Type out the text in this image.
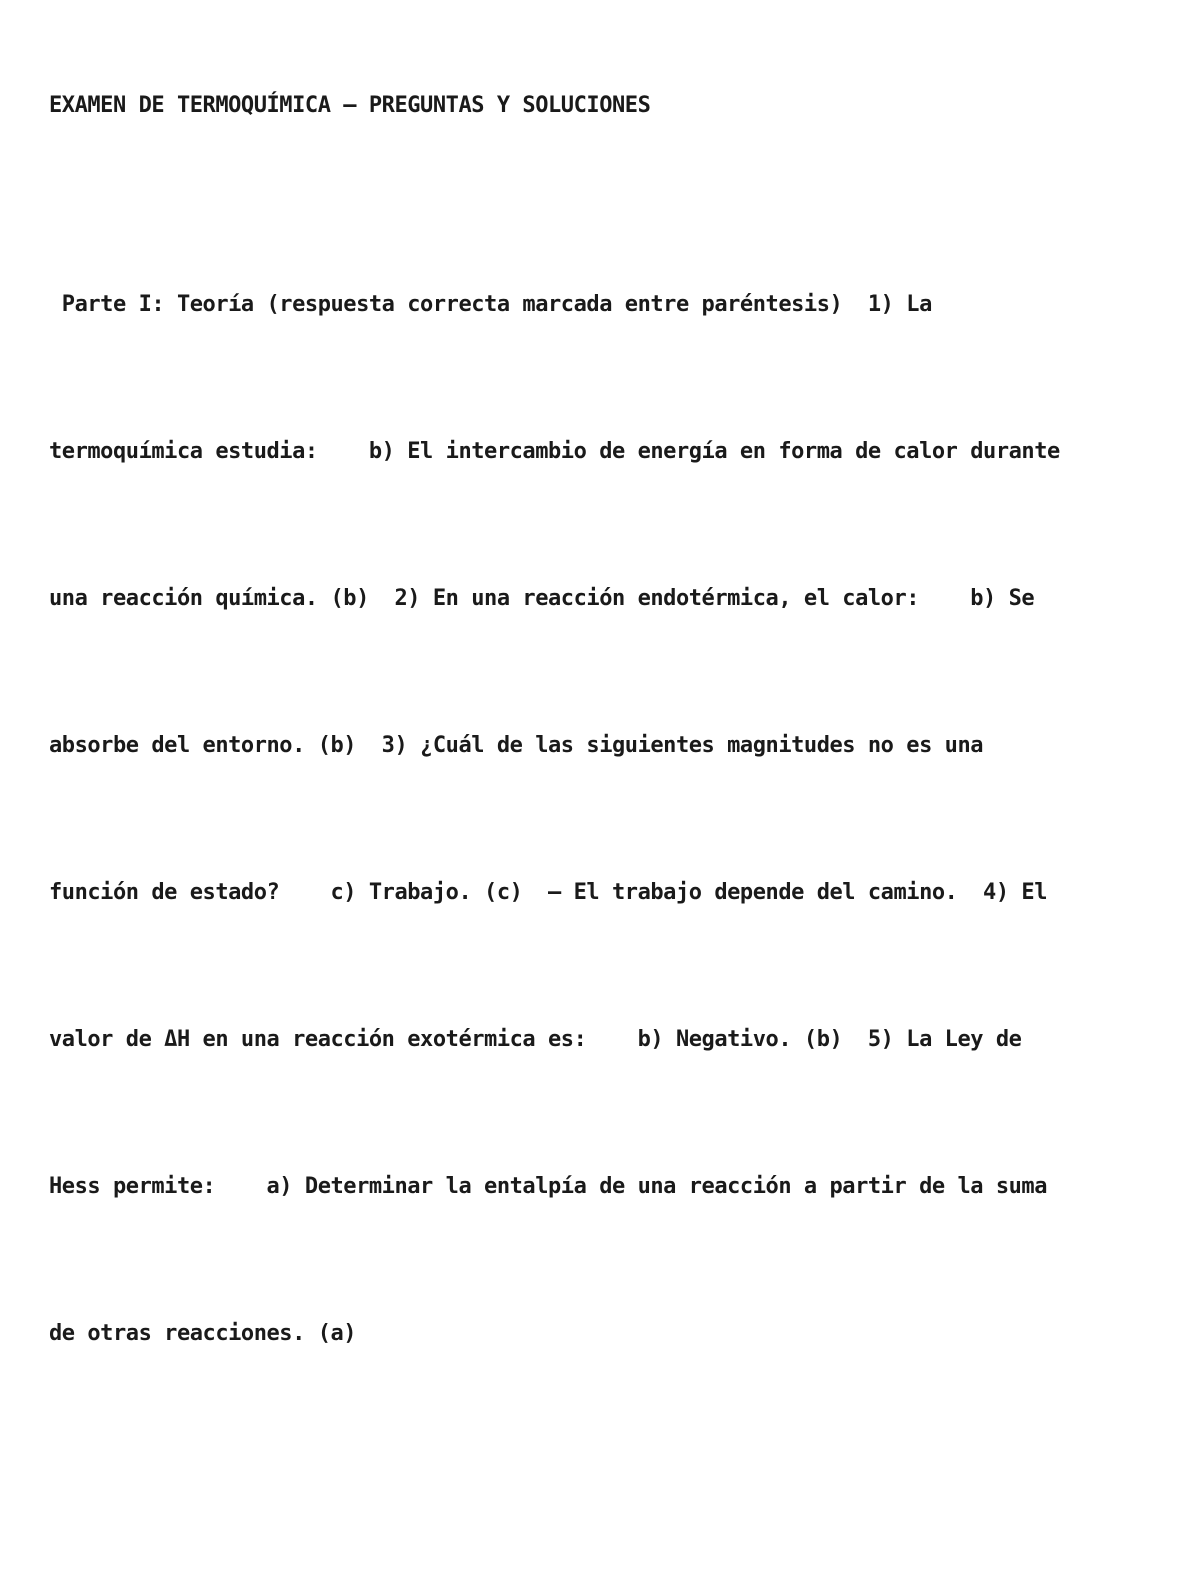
EXAMEN DE TERMOQUÍMICA — PREGUNTAS Y SOLUCIONES

Parte I: Teoría (respuesta correcta marcada entre paréntesis)  1) La

termoquímica estudia:    b) El intercambio de energía en forma de calor durante

una reacción química. (b)  2) En una reacción endotérmica, el calor:    b) Se

absorbe del entorno. (b)  3) ¿Cuál de las siguientes magnitudes no es una

función de estado?    c) Trabajo. (c)  — El trabajo depende del camino.  4) El

valor de ΔH en una reacción exotérmica es:    b) Negativo. (b)  5) La Ley de

Hess permite:    a) Determinar la entalpía de una reacción a partir de la suma

de otras reacciones. (a)
